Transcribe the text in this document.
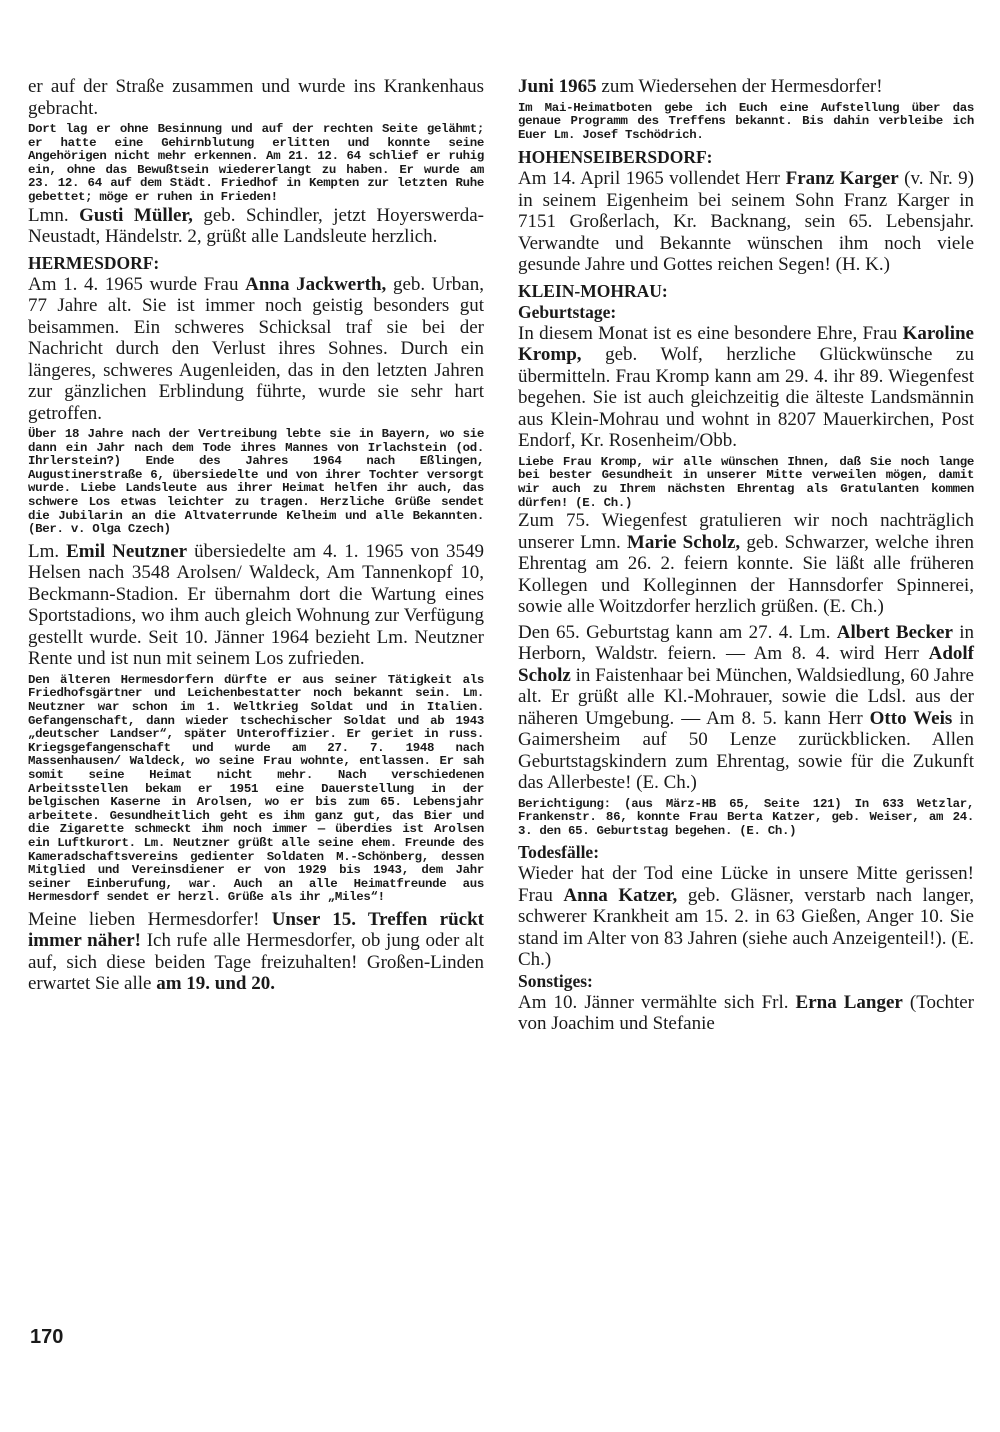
er auf der Straße zusammen und wurde ins Krankenhaus gebracht.
Dort lag er ohne Besinnung und auf der rechten Seite gelähmt; er hatte eine Gehirnblutung erlitten und konnte seine Angehörigen nicht mehr erkennen. Am 21. 12. 64 schlief er ruhig ein, ohne das Bewußtsein wiedererlangt zu haben. Er wurde am 23. 12. 64 auf dem Städt. Friedhof in Kempten zur letzten Ruhe gebettet; möge er ruhen in Frieden!
Lmn. Gusti Müller, geb. Schindler, jetzt Hoyerswerda-Neustadt, Händelstr. 2, grüßt alle Landsleute herzlich.
HERMESDORF:
Am 1. 4. 1965 wurde Frau Anna Jackwerth, geb. Urban, 77 Jahre alt. Sie ist immer noch geistig besonders gut beisammen. Ein schweres Schicksal traf sie bei der Nachricht durch den Verlust ihres Sohnes. Durch ein längeres, schweres Augenleiden, das in den letzten Jahren zur gänzlichen Erblindung führte, wurde sie sehr hart getroffen.
Über 18 Jahre nach der Vertreibung lebte sie in Bayern, wo sie dann ein Jahr nach dem Tode ihres Mannes von Irlachstein (od. Ihrlerstein?) Ende des Jahres 1964 nach Eßlingen, Augustinerstraße 6, übersiedelte und von ihrer Tochter versorgt wurde. Liebe Landsleute aus ihrer Heimat helfen ihr auch, das schwere Los etwas leichter zu tragen. Herzliche Grüße sendet die Jubilarin an die Altvaterrunde Kelheim und alle Bekannten. (Ber. v. Olga Czech)
Lm. Emil Neutzner übersiedelte am 4. 1. 1965 von 3549 Helsen nach 3548 Arolsen/ Waldeck, Am Tannenkopf 10, Beckmann-Stadion. Er übernahm dort die Wartung eines Sportstadions, wo ihm auch gleich Wohnung zur Verfügung gestellt wurde. Seit 10. Jänner 1964 bezieht Lm. Neutzner Rente und ist nun mit seinem Los zufrieden.
Den älteren Hermesdorfern dürfte er aus seiner Tätigkeit als Friedhofsgärtner und Leichenbestatter noch bekannt sein. Lm. Neutzner war schon im 1. Weltkrieg Soldat und in Italien. Gefangenschaft, dann wieder tschechischer Soldat und ab 1943 „deutscher Landser“, später Unteroffizier. Er geriet in russ. Kriegsgefangenschaft und wurde am 27. 7. 1948 nach Massenhausen/ Waldeck, wo seine Frau wohnte, entlassen. Er sah somit seine Heimat nicht mehr. Nach verschiedenen Arbeitsstellen bekam er 1951 eine Dauerstellung in der belgischen Kaserne in Arolsen, wo er bis zum 65. Lebensjahr arbeitete. Gesundheitlich geht es ihm ganz gut, das Bier und die Zigarette schmeckt ihm noch immer — überdies ist Arolsen ein Luftkurort. Lm. Neutzner grüßt alle seine ehem. Freunde des Kameradschaftsvereins gedienter Soldaten M.-Schönberg, dessen Mitglied und Vereinsdiener er von 1929 bis 1943, dem Jahr seiner Einberufung, war. Auch an alle Heimatfreunde aus Hermesdorf sendet er herzl. Grüße als ihr „Miles“!
Meine lieben Hermesdorfer! Unser 15. Treffen rückt immer näher! Ich rufe alle Hermesdorfer, ob jung oder alt auf, sich diese beiden Tage freizuhalten! Großen-Linden erwartet Sie alle am 19. und 20.
Juni 1965 zum Wiedersehen der Hermesdorfer!
Im Mai-Heimatboten gebe ich Euch eine Aufstellung über das genaue Programm des Treffens bekannt. Bis dahin verbleibe ich Euer Lm. Josef Tschödrich.
HOHENSEIBERSDORF:
Am 14. April 1965 vollendet Herr Franz Karger (v. Nr. 9) in seinem Eigenheim bei seinem Sohn Franz Karger in 7151 Großerlach, Kr. Backnang, sein 65. Lebensjahr. Verwandte und Bekannte wünschen ihm noch viele gesunde Jahre und Gottes reichen Segen! (H. K.)
KLEIN-MOHRAU:
Geburtstage:
In diesem Monat ist es eine besondere Ehre, Frau Karoline Kromp, geb. Wolf, herzliche Glückwünsche zu übermitteln. Frau Kromp kann am 29. 4. ihr 89. Wiegenfest begehen. Sie ist auch gleichzeitig die älteste Landsmännin aus Klein-Mohrau und wohnt in 8207 Mauerkirchen, Post Endorf, Kr. Rosenheim/Obb.
Liebe Frau Kromp, wir alle wünschen Ihnen, daß Sie noch lange bei bester Gesundheit in unserer Mitte verweilen mögen, damit wir auch zu Ihrem nächsten Ehrentag als Gratulanten kommen dürfen! (E. Ch.)
Zum 75. Wiegenfest gratulieren wir noch nachträglich unserer Lmn. Marie Scholz, geb. Schwarzer, welche ihren Ehrentag am 26. 2. feiern konnte. Sie läßt alle früheren Kollegen und Kolleginnen der Hannsdorfer Spinnerei, sowie alle Woitzdorfer herzlich grüßen. (E. Ch.)
Den 65. Geburtstag kann am 27. 4. Lm. Albert Becker in Herborn, Waldstr. feiern. — Am 8. 4. wird Herr Adolf Scholz in Faistenhaar bei München, Waldsiedlung, 60 Jahre alt. Er grüßt alle Kl.-Mohrauer, sowie die Ldsl. aus der näheren Umgebung. — Am 8. 5. kann Herr Otto Weis in Gaimersheim auf 50 Lenze zurückblicken. Allen Geburtstagskindern zum Ehrentag, sowie für die Zukunft das Allerbeste! (E. Ch.)
Berichtigung: (aus März-HB 65, Seite 121) In 633 Wetzlar, Frankenstr. 86, konnte Frau Berta Katzer, geb. Weiser, am 24. 3. den 65. Geburtstag begehen. (E. Ch.)
Todesfälle:
Wieder hat der Tod eine Lücke in unsere Mitte gerissen! Frau Anna Katzer, geb. Gläsner, verstarb nach langer, schwerer Krankheit am 15. 2. in 63 Gießen, Anger 10. Sie stand im Alter von 83 Jahren (siehe auch Anzeigenteil!). (E. Ch.)
Sonstiges:
Am 10. Jänner vermählte sich Frl. Erna Langer (Tochter von Joachim und Stefanie
170
